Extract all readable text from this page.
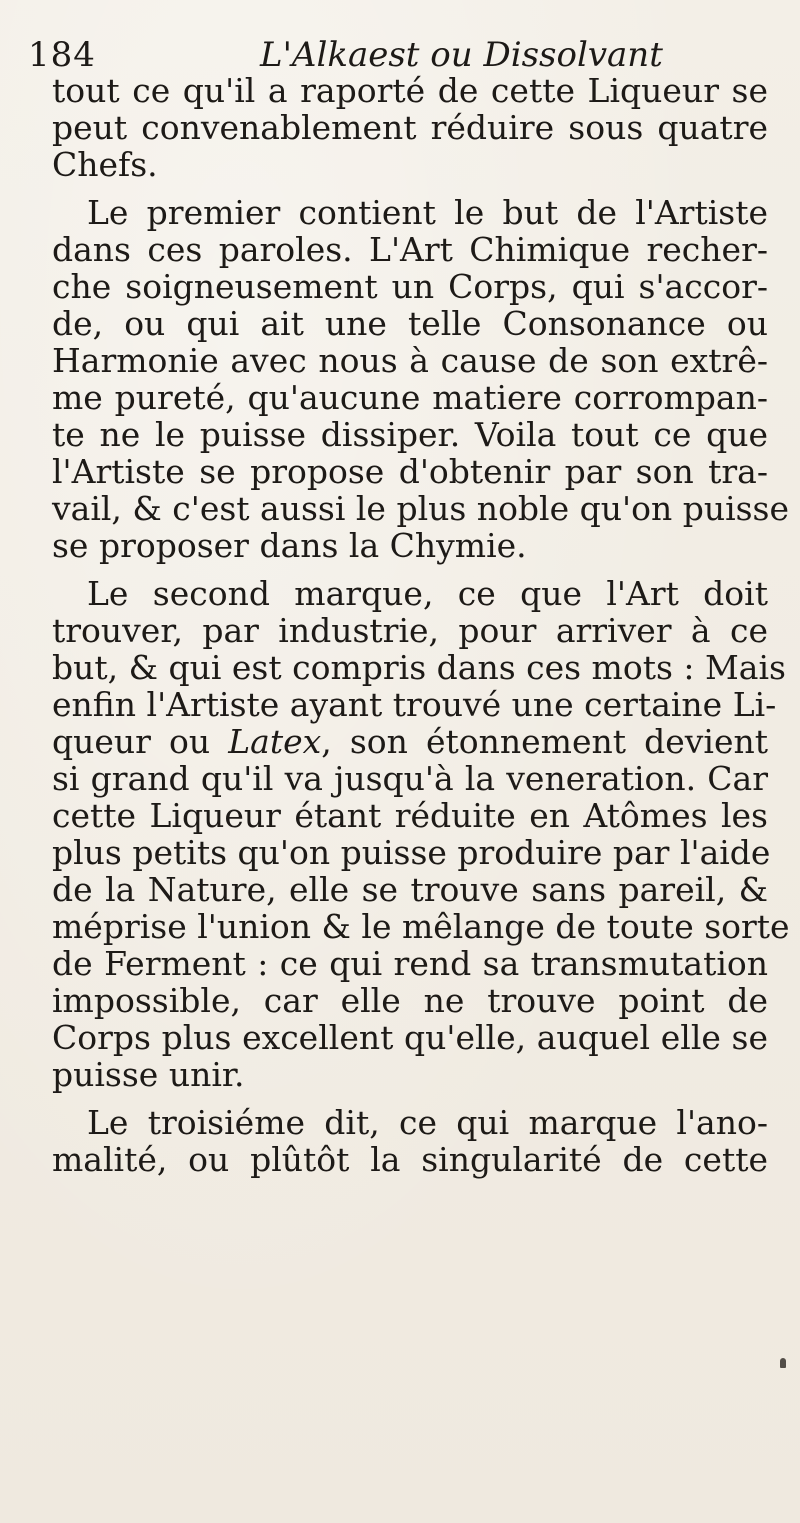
184	L'Alkaest ou Dissolvant
tout ce qu'il a raporté de cette Liqueur se
peut convenablement réduire sous quatre
Chefs.
Le premier contient le but de l'Artiste
dans ces paroles. L'Art Chimique recher-
che soigneusement un Corps, qui s'accor-
de, ou qui ait une telle Consonance ou
Harmonie avec nous à cause de son extrê-
me pureté, qu'aucune matiere corrompan-
te ne le puisse dissiper. Voila tout ce que
l'Artiste se propose d'obtenir par son tra-
vail, & c'est aussi le plus noble qu'on puisse
se proposer dans la Chymie.
Le second marque, ce que l'Art doit
trouver, par industrie, pour arriver à ce
but, & qui est compris dans ces mots : Mais
enfin l'Artiste ayant trouvé une certaine Li-
queur ou Latex, son étonnement devient
si grand qu'il va jusqu'à la veneration. Car
cette Liqueur étant réduite en Atômes les
plus petits qu'on puisse produire par l'aide
de la Nature, elle se trouve sans pareil, &
méprise l'union & le mêlange de toute sorte
de Ferment : ce qui rend sa transmutation
impossible, car elle ne trouve point de
Corps plus excellent qu'elle, auquel elle se
puisse unir.
Le troisiéme dit, ce qui marque l'ano-
malité, ou plûtôt la singularité de cette
